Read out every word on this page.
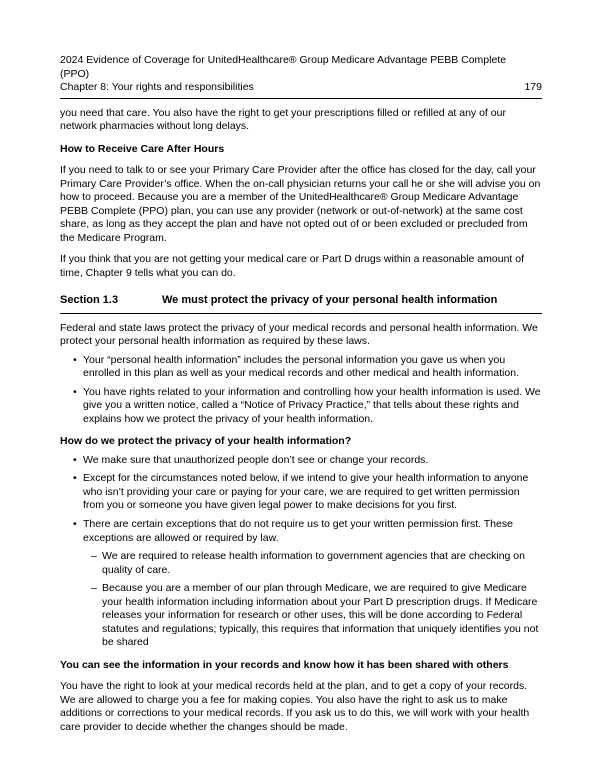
2024 Evidence of Coverage for UnitedHealthcare® Group Medicare Advantage PEBB Complete (PPO)
Chapter 8: Your rights and responsibilities	179

you need that care. You also have the right to get your prescriptions filled or refilled at any of our network pharmacies without long delays.

How to Receive Care After Hours

If you need to talk to or see your Primary Care Provider after the office has closed for the day, call your Primary Care Provider’s office. When the on-call physician returns your call he or she will advise you on how to proceed. Because you are a member of the UnitedHealthcare® Group Medicare Advantage PEBB Complete (PPO) plan, you can use any provider (network or out-of-network) at the same cost share, as long as they accept the plan and have not opted out of or been excluded or precluded from the Medicare Program.

If you think that you are not getting your medical care or Part D drugs within a reasonable amount of time, Chapter 9 tells what you can do.

Section 1.3	We must protect the privacy of your personal health information

Federal and state laws protect the privacy of your medical records and personal health information. We protect your personal health information as required by these laws.

• Your “personal health information” includes the personal information you gave us when you enrolled in this plan as well as your medical records and other medical and health information.
• You have rights related to your information and controlling how your health information is used. We give you a written notice, called a “Notice of Privacy Practice,” that tells about these rights and explains how we protect the privacy of your health information.
How do we protect the privacy of your health information?
• We make sure that unauthorized people don’t see or change your records.
• Except for the circumstances noted below, if we intend to give your health information to anyone who isn’t providing your care or paying for your care, we are required to get written permission from you or someone you have given legal power to make decisions for you first.
• There are certain exceptions that do not require us to get your written permission first. These exceptions are allowed or required by law.
– We are required to release health information to government agencies that are checking on quality of care.
– Because you are a member of our plan through Medicare, we are required to give Medicare your health information including information about your Part D prescription drugs. If Medicare releases your information for research or other uses, this will be done according to Federal statutes and regulations; typically, this requires that information that uniquely identifies you not be shared
You can see the information in your records and know how it has been shared with others

You have the right to look at your medical records held at the plan, and to get a copy of your records. We are allowed to charge you a fee for making copies. You also have the right to ask us to make additions or corrections to your medical records. If you ask us to do this, we will work with your health care provider to decide whether the changes should be made.
